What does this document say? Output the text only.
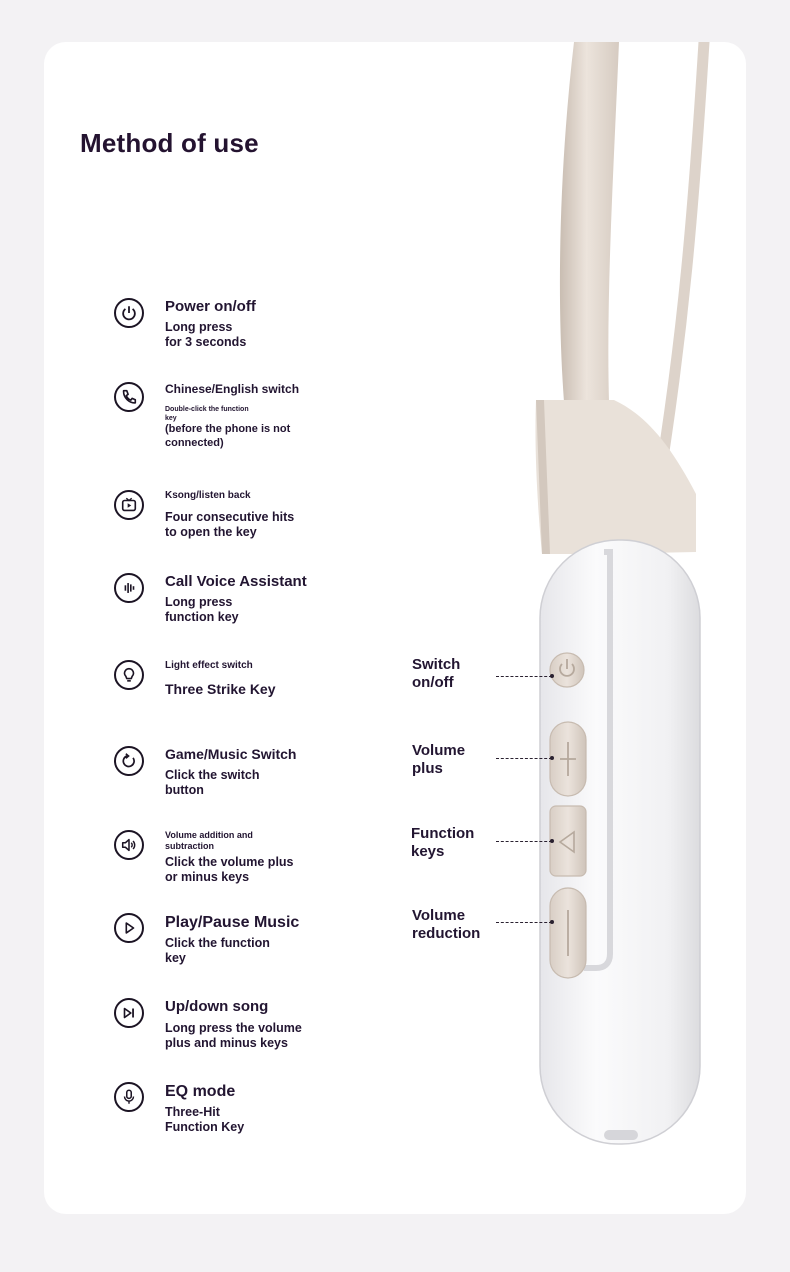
Method of use
Power on/off
Long press
for 3 seconds
Chinese/English switch
Double-click the function
key
(before the phone is not
connected)
Ksong/listen back
Four consecutive hits
to open the key
Call Voice Assistant
Long press
function key
Light effect switch
Three Strike Key
Game/Music Switch
Click the switch
button
Volume addition and
subtraction
Click the volume plus
or minus keys
Play/Pause Music
Click the function
key
Up/down song
Long press the volume
plus and minus keys
EQ mode
Three-Hit
Function Key
Switch
on/off
Volume
plus
Function
keys
Volume
reduction
